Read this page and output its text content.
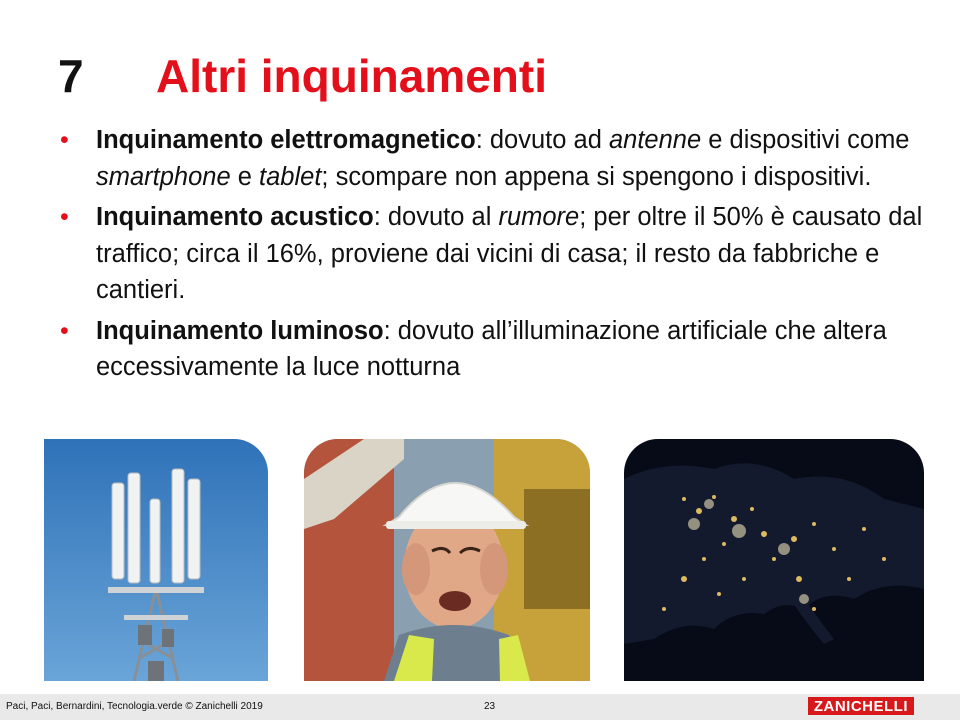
7 Altri inquinamenti
• Inquinamento elettromagnetico: dovuto ad antenne e dispositivi come smartphone e tablet; scompare non appena si spengono i dispositivi.
• Inquinamento acustico: dovuto al rumore; per oltre il 50% è causato dal traffico; circa il 16%, proviene dai vicini di casa; il resto da fabbriche e cantieri.
• Inquinamento luminoso: dovuto all’illuminazione artificiale che altera eccessivamente la luce notturna
Paci, Paci, Bernardini, Tecnologia.verde © Zanichelli 2019	23	ZANICHELLI
